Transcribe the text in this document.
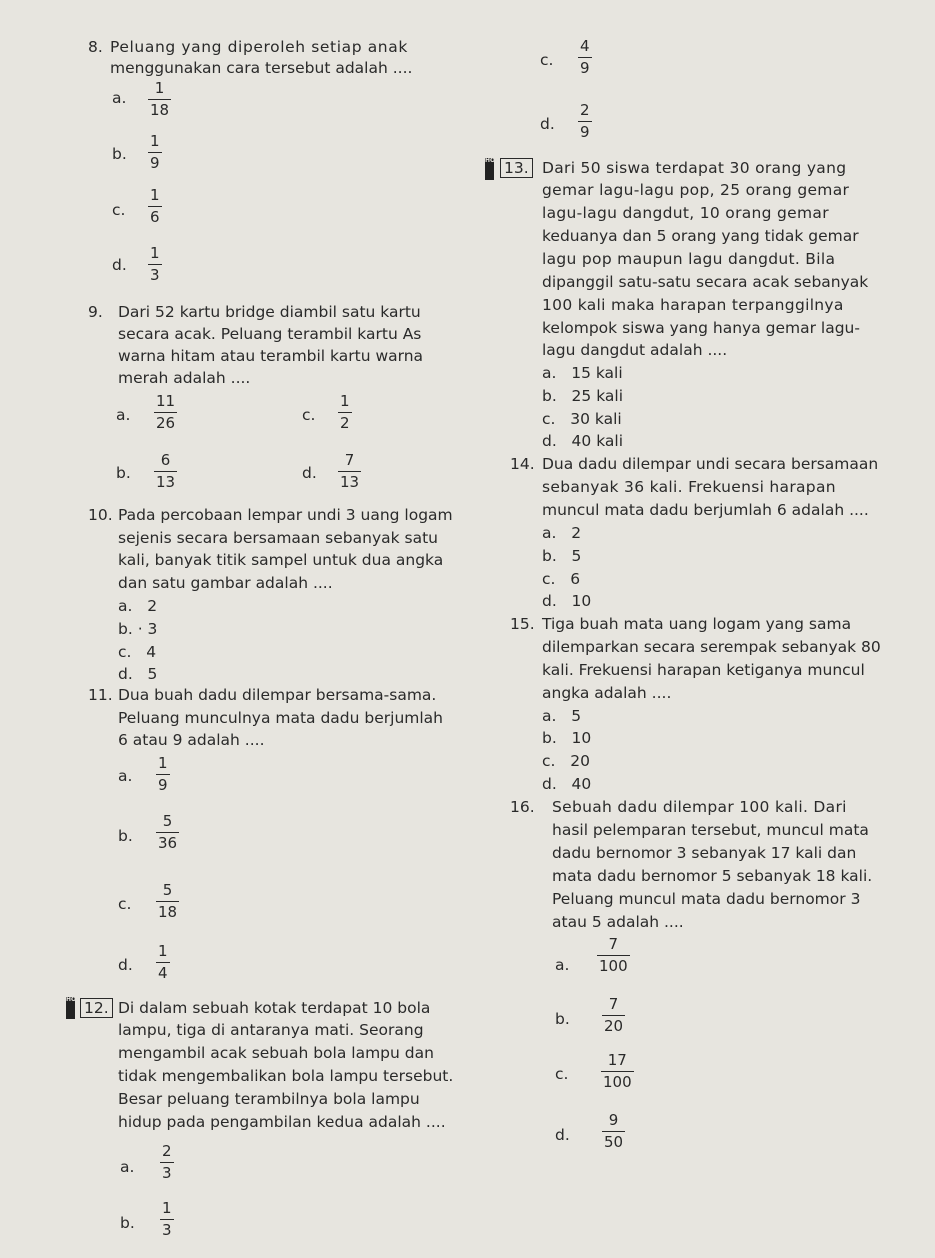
8. Peluang yang diperoleh setiap anak
menggunakan cara tersebut adalah ....
a. $\frac{1}{18}$
b. $\frac{1}{9}$
c. $\frac{1}{6}$
d. $\frac{1}{3}$
c. $\frac{4}{9}$
d. $\frac{2}{9}$
9. Dari 52 kartu bridge diambil satu kartu
secara acak. Peluang terambil kartu As
warna hitam atau terambil kartu warna
merah adalah ....
a. $\frac{11}{26}$	c. $\frac{1}{2}$
b. $\frac{6}{13}$	d. $\frac{7}{13}$
10. Pada percobaan lempar undi 3 uang logam
sejenis secara bersamaan sebanyak satu
kali, banyak titik sampel untuk dua angka
dan satu gambar adalah ....
a.   2
b. · 3
c.   4
d.   5
11. Dua buah dadu dilempar bersama-sama.
Peluang munculnya mata dadu berjumlah
6 atau 9 adalah ....
a. $\frac{1}{9}$
b. $\frac{5}{36}$
c. $\frac{5}{18}$
d. $\frac{1}{4}$
HOTS 12. Di dalam sebuah kotak terdapat 10 bola
lampu, tiga di antaranya mati. Seorang
mengambil acak sebuah bola lampu dan
tidak mengembalikan bola lampu tersebut.
Besar peluang terambilnya bola lampu
hidup pada pengambilan kedua adalah ....
a. $\frac{2}{3}$
b. $\frac{1}{3}$
HOTS 13. Dari 50 siswa terdapat 30 orang yang
gemar lagu-lagu pop, 25 orang gemar
lagu-lagu dangdut, 10 orang gemar
keduanya dan 5 orang yang tidak gemar
lagu pop maupun lagu dangdut. Bila
dipanggil satu-satu secara acak sebanyak
100 kali maka harapan terpanggilnya
kelompok siswa yang hanya gemar lagu-
lagu dangdut adalah ....
a.   15 kali
b.   25 kali
c.   30 kali
d.   40 kali
14. Dua dadu dilempar undi secara bersamaan
sebanyak 36 kali. Frekuensi harapan
muncul mata dadu berjumlah 6 adalah ....
a.   2
b.   5
c.   6
d.   10
15. Tiga buah mata uang logam yang sama
dilemparkan secara serempak sebanyak 80
kali. Frekuensi harapan ketiganya muncul
angka adalah ....
a.   5
b.   10
c.   20
d.   40
16. Sebuah dadu dilempar 100 kali. Dari
hasil pelemparan tersebut, muncul mata
dadu bernomor 3 sebanyak 17 kali dan
mata dadu bernomor 5 sebanyak 18 kali.
Peluang muncul mata dadu bernomor 3
atau 5 adalah ....
a. $\frac{7}{100}$
b. $\frac{7}{20}$
c. $\frac{17}{100}$
d. $\frac{9}{50}$
